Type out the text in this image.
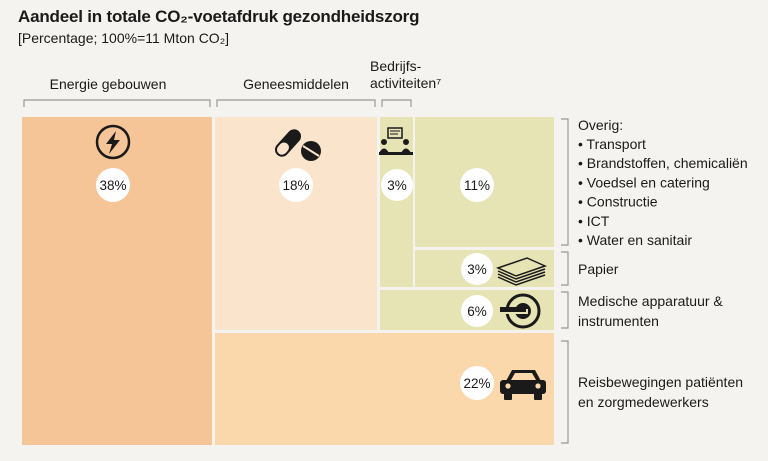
Aandeel in totale CO₂-voetafdruk gezondheidszorg
[Percentage; 100%=11 Mton CO₂]
Energie gebouwen	Geneesmiddelen
Bedrijfs- activiteiten⁷
Overig:
• Transport
• Brandstoffen, chemicaliën
• Voedsel en catering
• Constructie
• ICT
• Water en sanitair
Papier
Medische apparatuur & instrumenten
Reisbewegingen patiënten en zorgmedewerkers
38%	18%	3%	11%
3%
6%
22%
